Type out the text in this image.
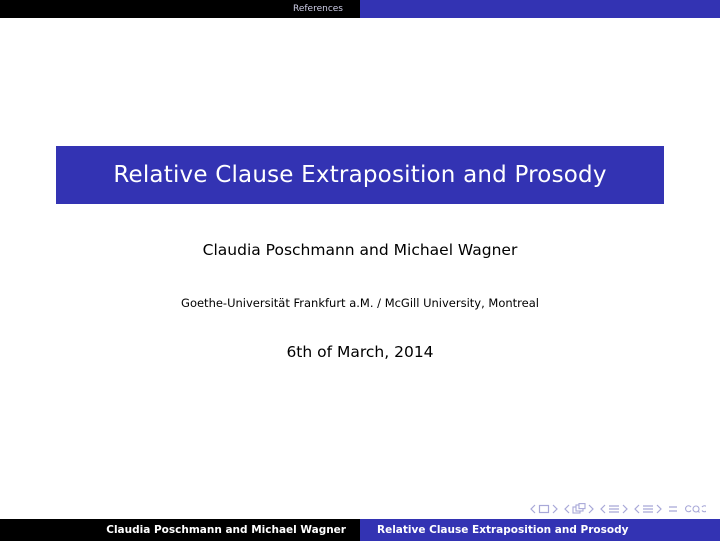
References
Relative Clause Extraposition and Prosody
Claudia Poschmann and Michael Wagner
Goethe-Universität Frankfurt a.M. / McGill University, Montreal
6th of March, 2014
Claudia Poschmann and Michael Wagner	Relative Clause Extraposition and Prosody
